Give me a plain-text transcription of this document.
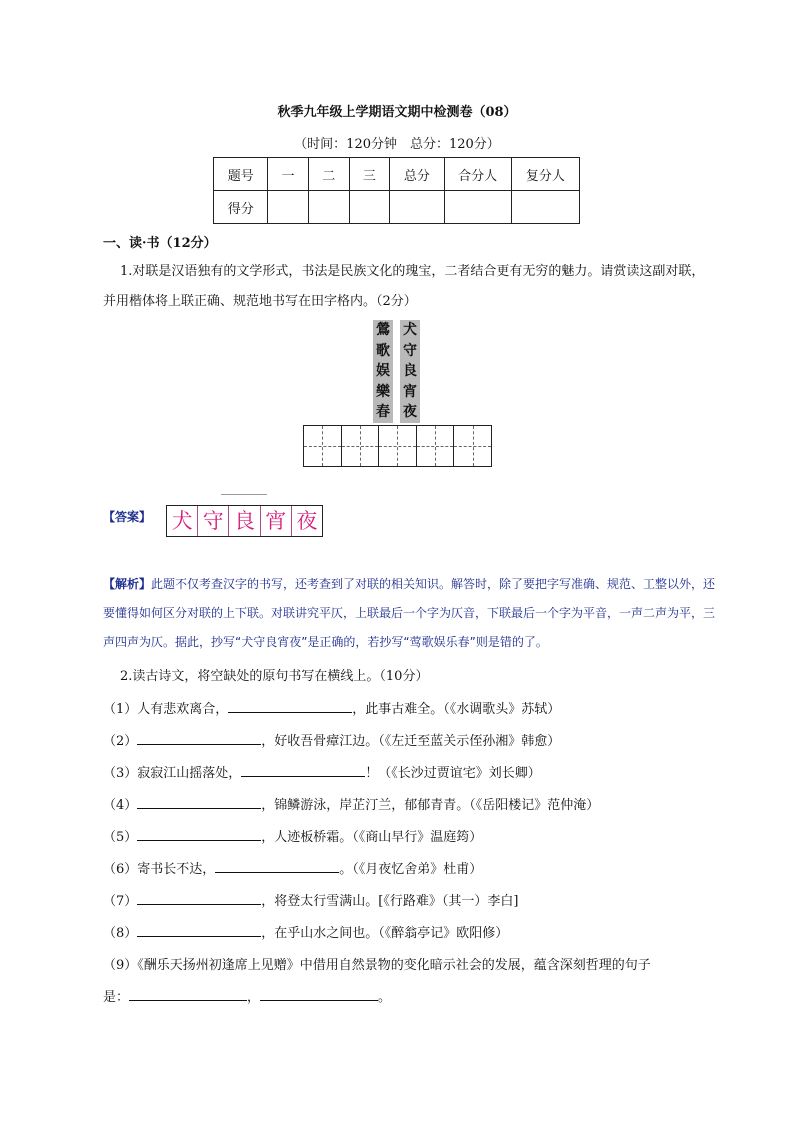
秋季九年级上学期语文期中检测卷（08）
（时间：120分钟　总分：120分）
题号	一	二	三	总分	合分人	复分人
得分						
一、读·书（12分）
1.对联是汉语独有的文学形式，书法是民族文化的瑰宝，二者结合更有无穷的魅力。请赏读这副对联，
并用楷体将上联正确、规范地书写在田字格内。（2分）
鶯
歌
娱
樂
春
犬
守
良
宵
夜
【答案】 犬 守 良 宵 夜
【解析】此题不仅考查汉字的书写，还考查到了对联的相关知识。解答时，除了要把字写准确、规范、工整以外，还要懂得如何区分对联的上下联。对联讲究平仄，上联最后一个字为仄音，下联最后一个字为平音，一声二声为平，三声四声为仄。据此，抄写“犬守良宵夜”是正确的，若抄写“莺歌娱乐春”则是错的了。
2.读古诗文，将空缺处的原句书写在横线上。（10分）
（1）人有悲欢离合，	，此事古难全。（《水调歌头》苏轼）
（2）	，好收吾骨瘴江边。（《左迁至蓝关示侄孙湘》韩愈）
（3）寂寂江山摇落处，	！（《长沙过贾谊宅》刘长卿）
（4）	，锦鳞游泳，岸芷汀兰，郁郁青青。（《岳阳楼记》范仲淹）
（5）	，人迹板桥霜。（《商山早行》温庭筠）
（6）寄书长不达，	。（《月夜忆舍弟》杜甫）
（7）	，将登太行雪满山。[《行路难》（其一）李白]
（8）	，在乎山水之间也。（《醉翁亭记》欧阳修）
（9）《酬乐天扬州初逢席上见赠》中借用自然景物的变化暗示社会的发展，蕴含深刻哲理的句子
是：	，	。
